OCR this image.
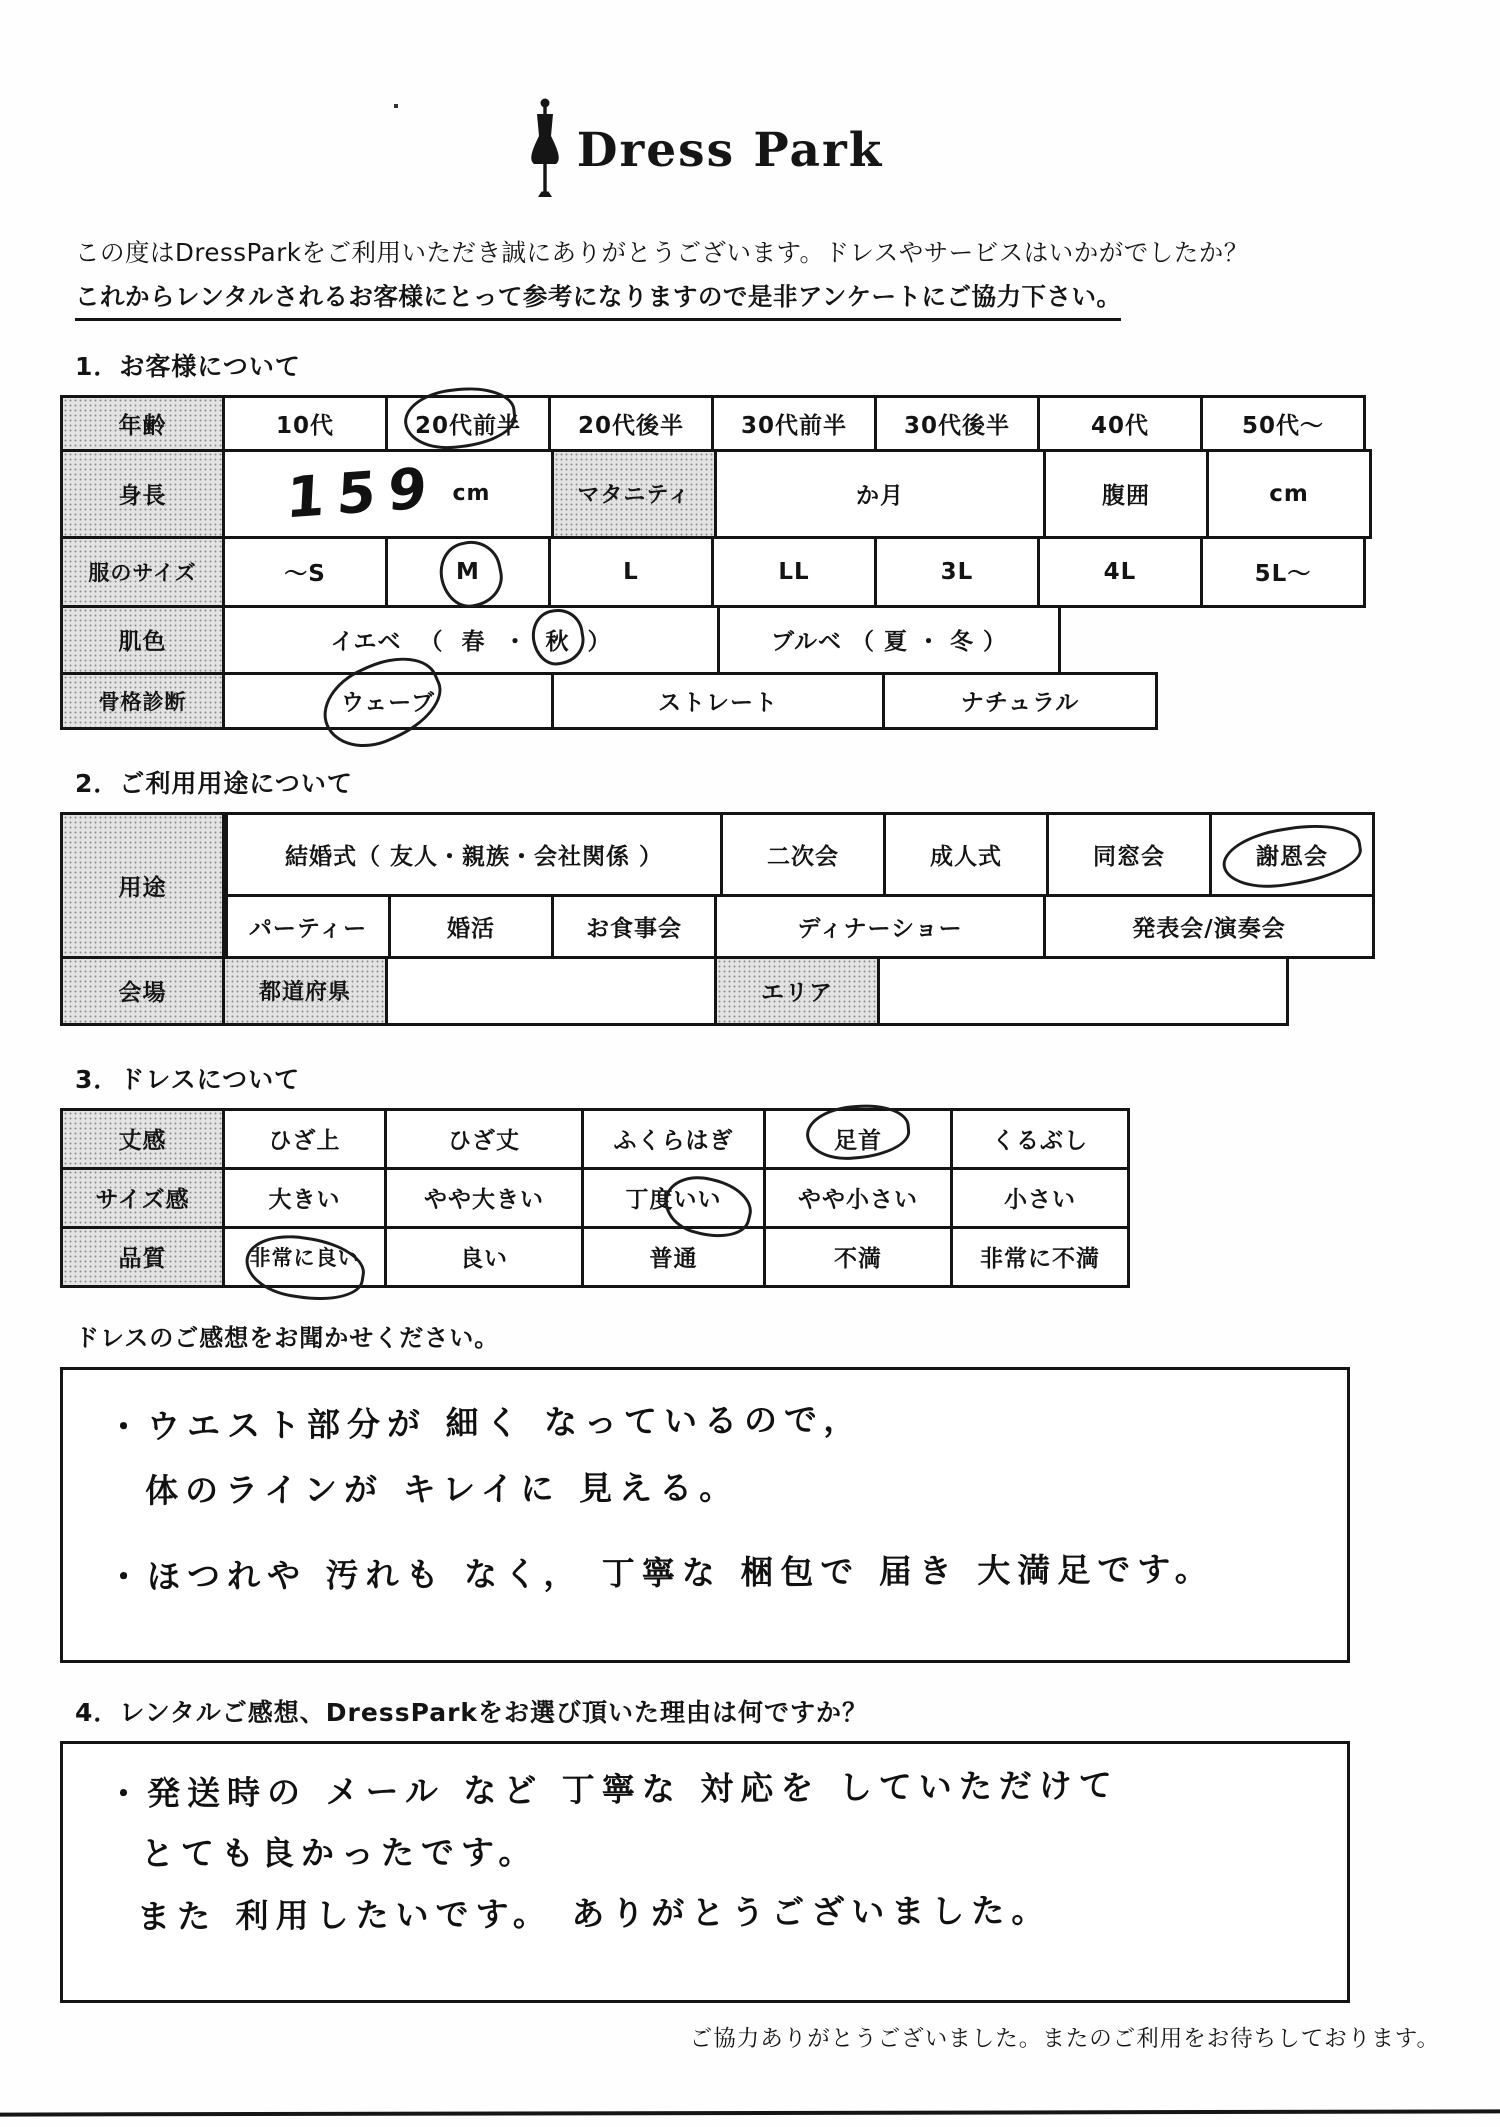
Dress Park
この度はDressParkをご利用いただき誠にありがとうございます。ドレスやサービスはいかがでしたか？
これからレンタルされるお客様にとって参考になりますので是非アンケートにご協力下さい。
1．お客様について
年齢	10代	20代前半	20代後半	30代前半	30代後半	40代	50代～
身長	159 cm	マタニティ	か月	腹囲	cm
服のサイズ	～S	M	L	LL	3L	4L	5L～
肌色	イエベ （ 春 ・ 秋 ）	ブルベ （ 夏 ・ 冬 ）
骨格診断	ウェーブ	ストレート	ナチュラル
2．ご利用用途について
用途
結婚式（ 友人・親族・会社関係 ）	二次会	成人式	同窓会	謝恩会
パーティー	婚活	お食事会	ディナーショー	発表会/演奏会
会場	都道府県	エリア
3．ドレスについて
丈感	ひざ上	ひざ丈	ふくらはぎ	足首	くるぶし
サイズ感	大きい	やや大きい	丁度いい	やや小さい	小さい
品質	非常に良い	良い	普通	不満	非常に不満
ドレスのご感想をお聞かせください。
・ウエスト部分が 細く なっているので，
体のラインが キレイに 見える。
・ほつれや 汚れも なく， 丁寧な 梱包で 届き 大満足です。
4．レンタルご感想、DressParkをお選び頂いた理由は何ですか？
・発送時の メール など 丁寧な 対応を していただけて
とても良かったです。
また 利用したいです。 ありがとうございました。
ご協力ありがとうございました。またのご利用をお待ちしております。
